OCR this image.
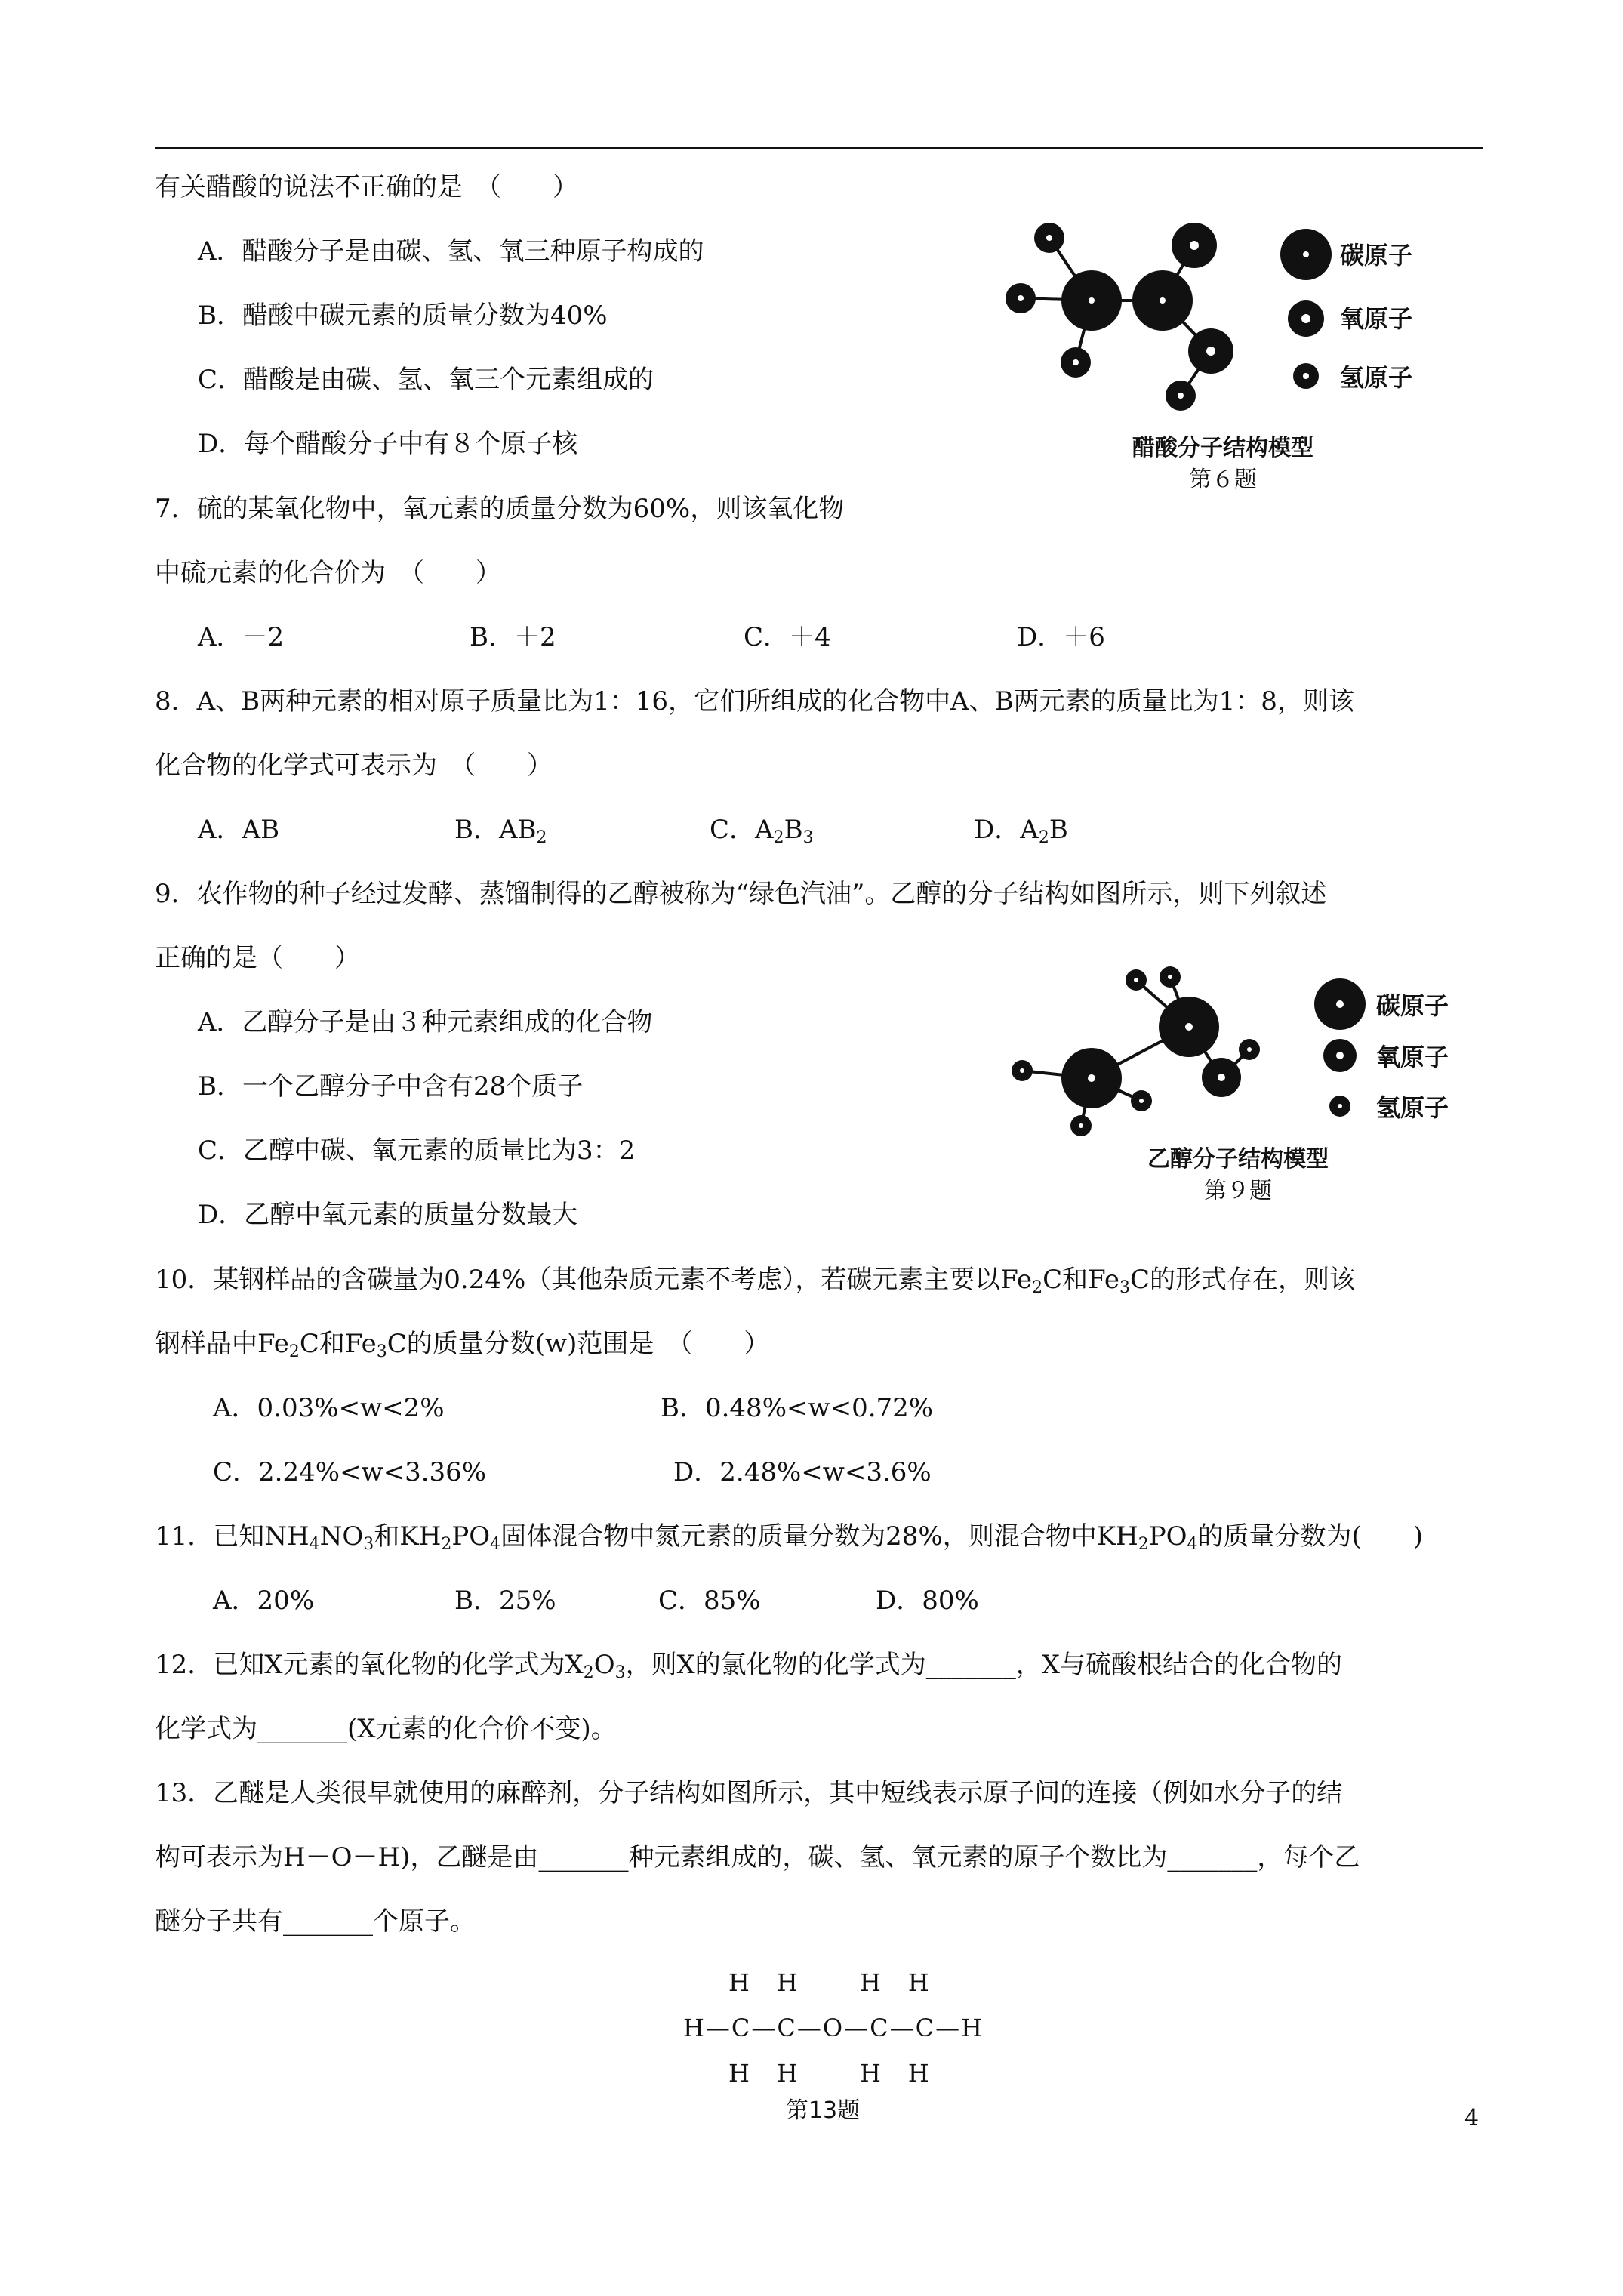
有关醋酸的说法不正确的是　（　　）
A．醋酸分子是由碳、氢、氧三种原子构成的
B．醋酸中碳元素的质量分数为40%
C．醋酸是由碳、氢、氧三个元素组成的
D．每个醋酸分子中有８个原子核
碳原子
氧原子
氢原子
醋酸分子结构模型
第６题
7．硫的某氧化物中，氧元素的质量分数为60%，则该氧化物
中硫元素的化合价为　（　　）
A．－2	B．＋2	C．＋4	D．＋6
8．A、B两种元素的相对原子质量比为1：16，它们所组成的化合物中A、B两元素的质量比为1：8，则该
化合物的化学式可表示为　（　　）
A．AB	B．$AB_2$	C．$A_2B_3$	D．$A_2B$
9．农作物的种子经过发酵、蒸馏制得的乙醇被称为“绿色汽油”。乙醇的分子结构如图所示，则下列叙述
正确的是（　　）
A．乙醇分子是由３种元素组成的化合物
B．一个乙醇分子中含有28个质子
C．乙醇中碳、氧元素的质量比为3：2
D．乙醇中氧元素的质量分数最大
碳原子
氧原子
氢原子
乙醇分子结构模型
第９题
10．某钢样品的含碳量为0.24%（其他杂质元素不考虑），若碳元素主要以$Fe_2C$和$Fe_3C$的形式存在，则该
钢样品中$Fe_2C$和$Fe_3C$的质量分数(w)范围是　（　　）
A．0.03%<w<2%	B．0.48%<w<0.72%
C．2.24%<w<3.36%	D．2.48%<w<3.6%
11．已知$NH_4NO_3$和$KH_2PO_4$固体混合物中氮元素的质量分数为28%，则混合物中$KH_2PO_4$的质量分数为(　　)
A．20%	B．25%	C．85%	D．80%
12．已知X元素的氧化物的化学式为$X_2O_3$，则X的氯化物的化学式为_______，X与硫酸根结合的化合物的
化学式为_______(X元素的化合价不变)。
13．乙醚是人类很早就使用的麻醉剂，分子结构如图所示，其中短线表示原子间的连接（例如水分子的结
构可表示为H－O－H)，乙醚是由_______种元素组成的，碳、氢、氧元素的原子个数比为_______，每个乙
醚分子共有_______个原子。
H　H　　 H　H
H—C—C—O—C—C—H
H　H　　 H　H
第13题	4
